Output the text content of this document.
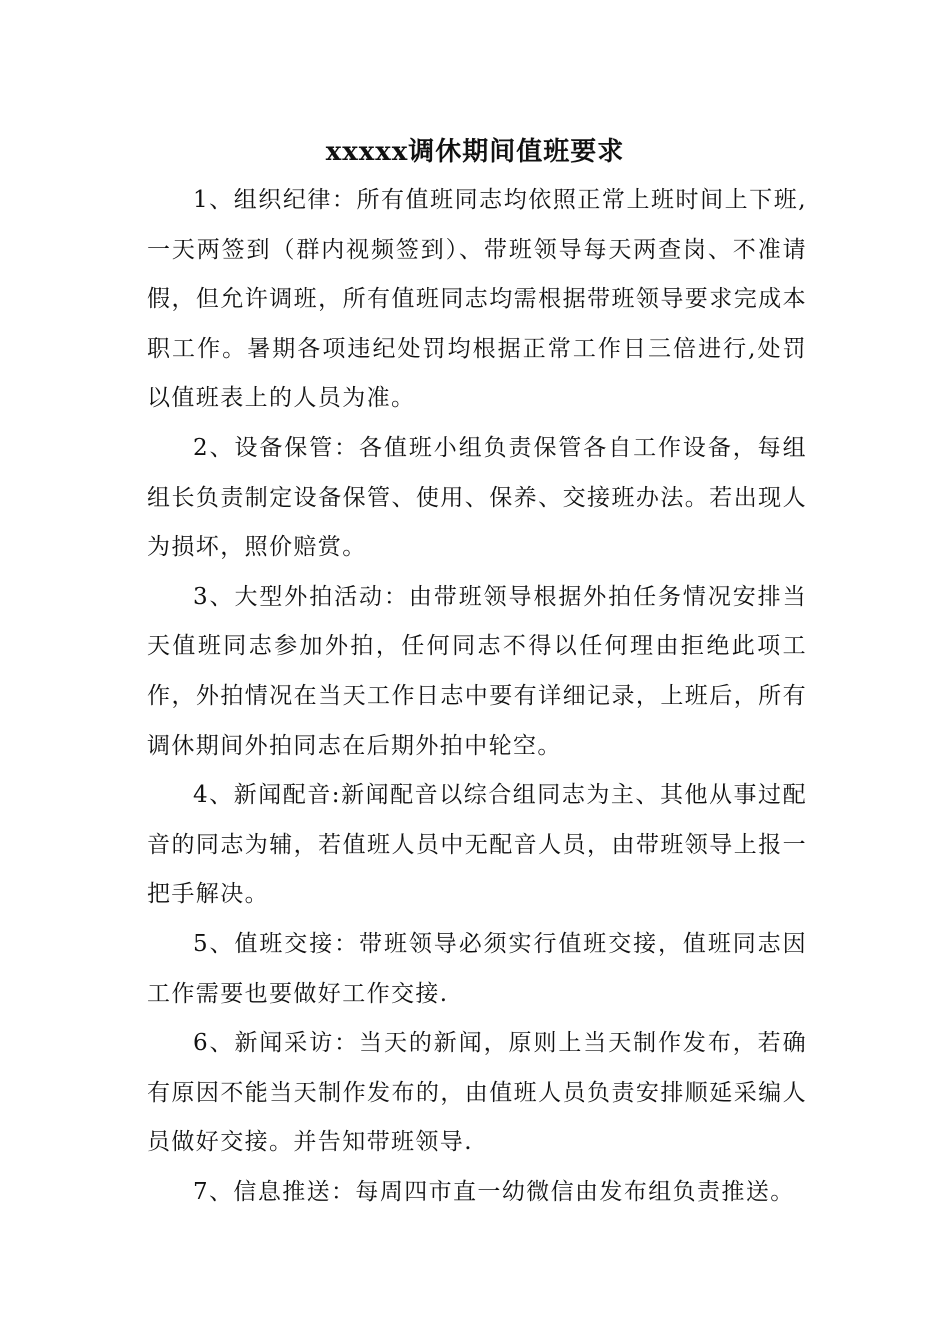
xxxxx调休期间值班要求

1、组织纪律：所有值班同志均依照正常上班时间上下班,一天两签到（群内视频签到）、带班领导每天两查岗、不准请假，但允许调班，所有值班同志均需根据带班领导要求完成本职工作。暑期各项违纪处罚均根据正常工作日三倍进行,处罚以值班表上的人员为准。

2、设备保管：各值班小组负责保管各自工作设备，每组组长负责制定设备保管、使用、保养、交接班办法。若出现人为损坏，照价赔赏。

3、大型外拍活动：由带班领导根据外拍任务情况安排当天值班同志参加外拍，任何同志不得以任何理由拒绝此项工作，外拍情况在当天工作日志中要有详细记录，上班后，所有调休期间外拍同志在后期外拍中轮空。

4、新闻配音:新闻配音以综合组同志为主、其他从事过配音的同志为辅，若值班人员中无配音人员，由带班领导上报一把手解决。

5、值班交接：带班领导必须实行值班交接，值班同志因工作需要也要做好工作交接.

6、新闻采访：当天的新闻，原则上当天制作发布，若确有原因不能当天制作发布的，由值班人员负责安排顺延采编人员做好交接。并告知带班领导.

7、信息推送：每周四市直一幼微信由发布组负责推送。
